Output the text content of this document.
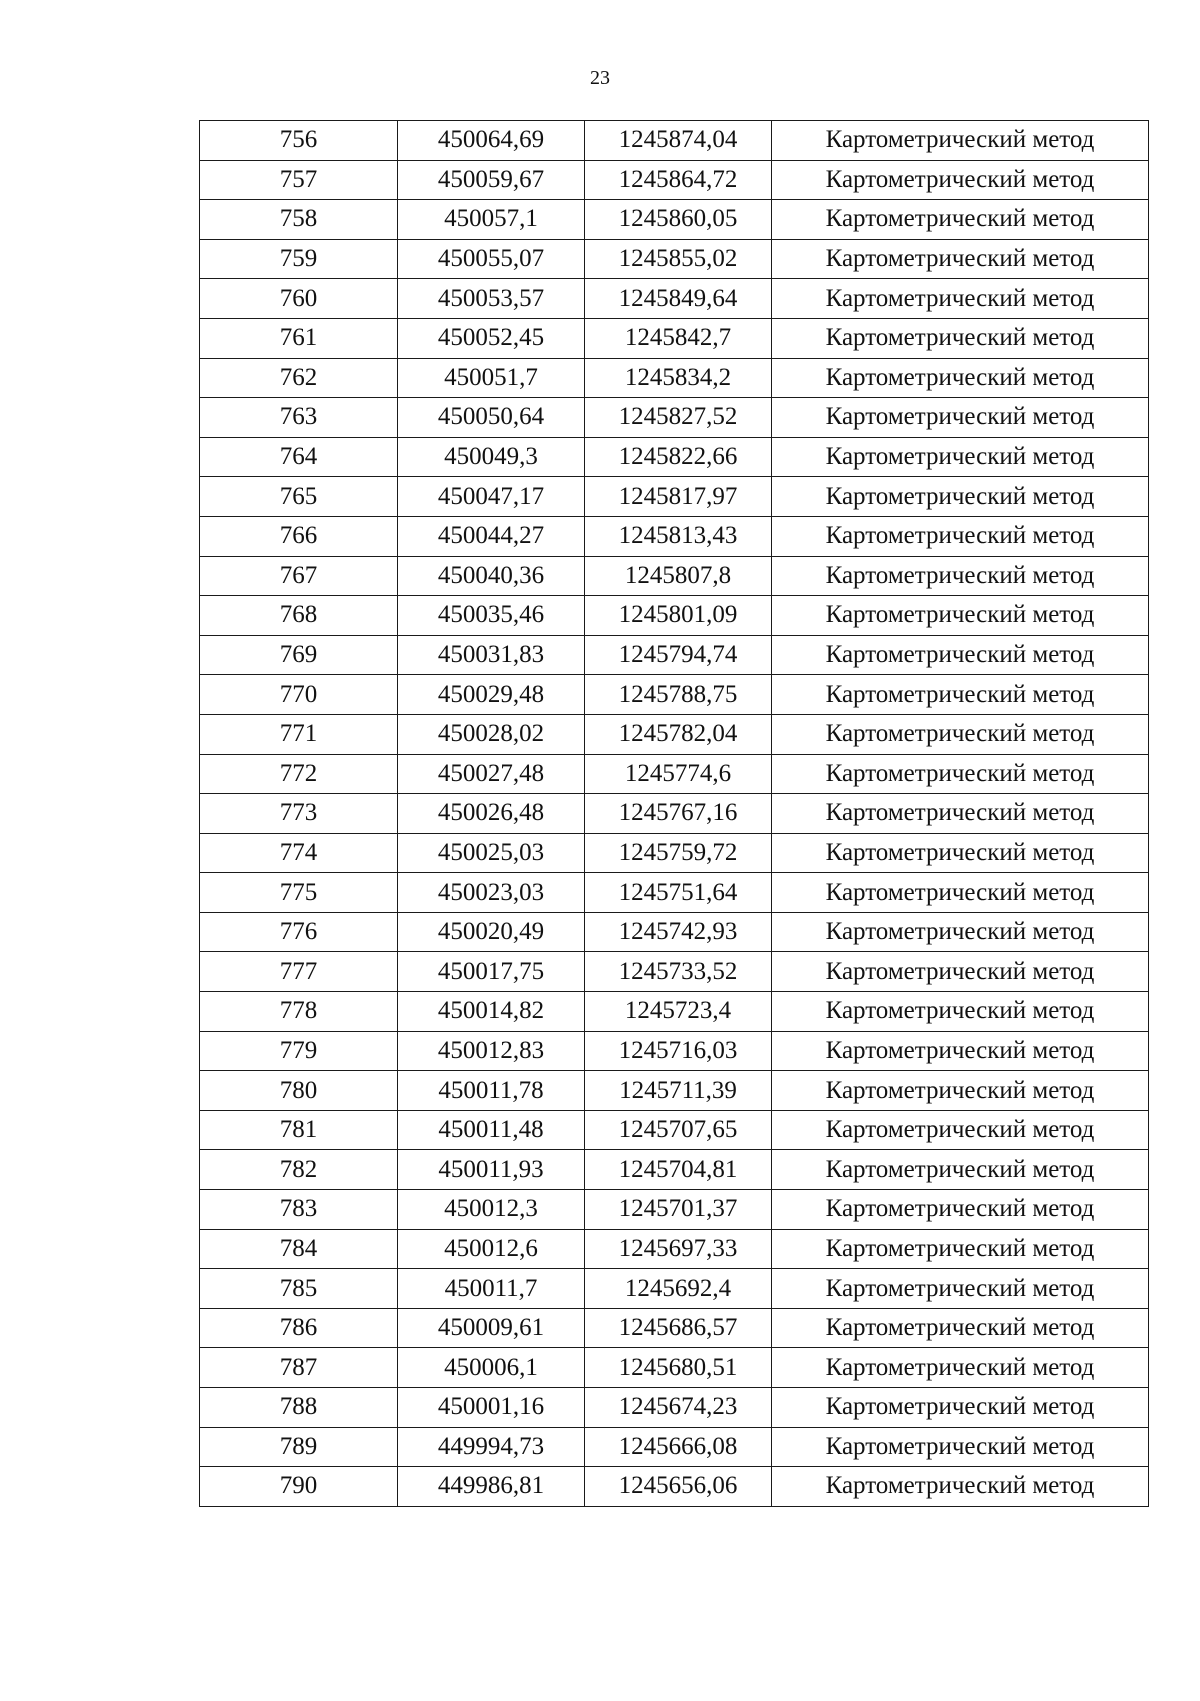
23
756	450064,69	1245874,04	Картометрический метод
757	450059,67	1245864,72	Картометрический метод
758	450057,1	1245860,05	Картометрический метод
759	450055,07	1245855,02	Картометрический метод
760	450053,57	1245849,64	Картометрический метод
761	450052,45	1245842,7	Картометрический метод
762	450051,7	1245834,2	Картометрический метод
763	450050,64	1245827,52	Картометрический метод
764	450049,3	1245822,66	Картометрический метод
765	450047,17	1245817,97	Картометрический метод
766	450044,27	1245813,43	Картометрический метод
767	450040,36	1245807,8	Картометрический метод
768	450035,46	1245801,09	Картометрический метод
769	450031,83	1245794,74	Картометрический метод
770	450029,48	1245788,75	Картометрический метод
771	450028,02	1245782,04	Картометрический метод
772	450027,48	1245774,6	Картометрический метод
773	450026,48	1245767,16	Картометрический метод
774	450025,03	1245759,72	Картометрический метод
775	450023,03	1245751,64	Картометрический метод
776	450020,49	1245742,93	Картометрический метод
777	450017,75	1245733,52	Картометрический метод
778	450014,82	1245723,4	Картометрический метод
779	450012,83	1245716,03	Картометрический метод
780	450011,78	1245711,39	Картометрический метод
781	450011,48	1245707,65	Картометрический метод
782	450011,93	1245704,81	Картометрический метод
783	450012,3	1245701,37	Картометрический метод
784	450012,6	1245697,33	Картометрический метод
785	450011,7	1245692,4	Картометрический метод
786	450009,61	1245686,57	Картометрический метод
787	450006,1	1245680,51	Картометрический метод
788	450001,16	1245674,23	Картометрический метод
789	449994,73	1245666,08	Картометрический метод
790	449986,81	1245656,06	Картометрический метод
